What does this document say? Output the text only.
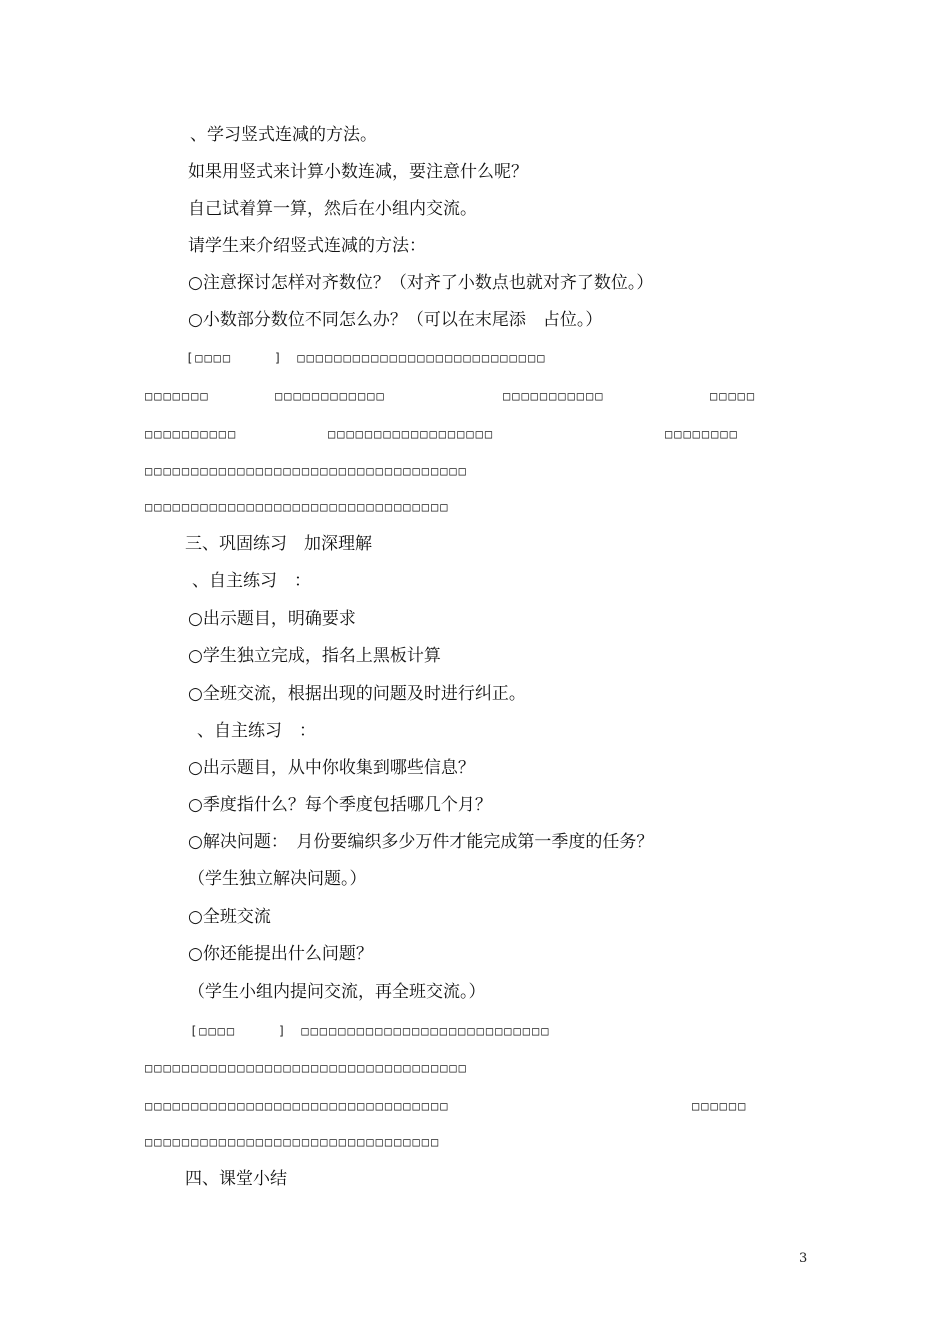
、学习竖式连减的方法。
如果用竖式来计算小数连减，要注意什么呢？
自己试着算一算，然后在小组内交流。
请学生来介绍竖式连减的方法：
○注意探讨怎样对齐数位？（对齐了小数点也就对齐了数位。）
○小数部分数位不同怎么办？（可以在末尾添　占位。）
[□□□□　　　]　□□□□□□□□□□□□□□□□□□□□□□□□□□□
□□□□□□□	□□□□□□□□□□□□	□□□□□□□□□□□	□□□□□
□□□□□□□□□□	□□□□□□□□□□□□□□□□□□	□□□□□□□□
□□□□□□□□□□□□□□□□□□□□□□□□□□□□□□□□□□□
□□□□□□□□□□□□□□□□□□□□□□□□□□□□□□□□□
三、巩固练习　加深理解
、自主练习　：
○出示题目，明确要求
○学生独立完成，指名上黑板计算
○全班交流，根据出现的问题及时进行纠正。
、自主练习　：
○出示题目，从中你收集到哪些信息？
○季度指什么？每个季度包括哪几个月？
○解决问题：　月份要编织多少万件才能完成第一季度的任务？
（学生独立解决问题。）
○全班交流
○你还能提出什么问题？
（学生小组内提问交流，再全班交流。）
[□□□□　　　]　□□□□□□□□□□□□□□□□□□□□□□□□□□□
□□□□□□□□□□□□□□□□□□□□□□□□□□□□□□□□□□□
□□□□□□□□□□□□□□□□□□□□□□□□□□□□□□□□□	□□□□□□
□□□□□□□□□□□□□□□□□□□□□□□□□□□□□□□□
四、课堂小结
3
